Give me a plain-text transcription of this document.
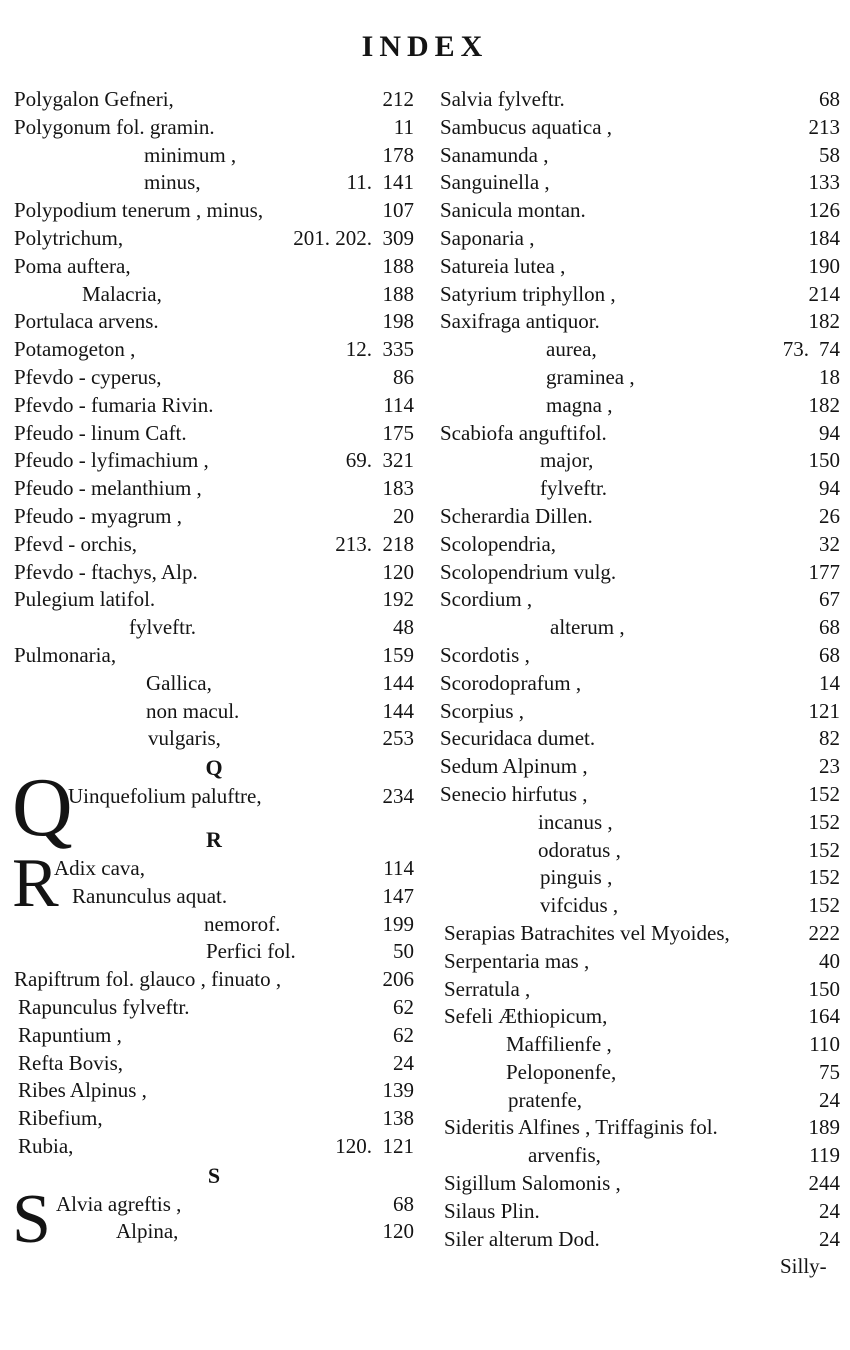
INDEX
Polygalon Gefneri,	212
Polygonum fol. gramin.	11
minimum ,	178
minus,	11. 141
Polypodium tenerum , minus,	107
Polytrichum,	201. 202. 309
Poma auftera,	188
Malacria,	188
Portulaca arvens.	198
Potamogeton ,	12. 335
Pfevdo - cyperus,	86
Pfevdo - fumaria Rivin.	114
Pfeudo - linum Caft.	175
Pfeudo - lyfimachium ,	69. 321
Pfeudo - melanthium ,	183
Pfeudo - myagrum ,	20
Pfevd - orchis,	213. 218
Pfevdo - ftachys, Alp.	120
Pulegium latifol.	192
fylveftr.	48
Pulmonaria,	159
Gallica,	144
non macul.	144
vulgaris,	253
Q
Q
Uinquefolium paluftre,	234
R
R
Adix cava,	114
Ranunculus aquat.	147
nemorof.	199
Perfici fol.	50
Rapiftrum fol. glauco , finuato ,	206
Rapunculus fylveftr.	62
Rapuntium ,	62
Refta Bovis,	24
Ribes Alpinus ,	139
Ribefium,	138
Rubia,	120. 121
S
S Alvia agreftis ,	68
Alpina,	120
Salvia fylveftr.	68
Sambucus aquatica ,	213
Sanamunda ,	58
Sanguinella ,	133
Sanicula montan.	126
Saponaria ,	184
Satureia lutea ,	190
Satyrium triphyllon ,	214
Saxifraga antiquor.	182
aurea,	73. 74
graminea ,	18
magna ,	182
Scabiofa anguftifol.	94
major,	150
fylveftr.	94
Scherardia Dillen.	26
Scolopendria,	32
Scolopendrium vulg.	177
Scordium ,	67
alterum ,	68
Scordotis ,	68
Scorodoprafum ,	14
Scorpius ,	121
Securidaca dumet.	82
Sedum Alpinum ,	23
Senecio hirfutus ,	152
incanus ,	152
odoratus ,	152
pinguis ,	152
vifcidus ,	152
Serapias Batrachites vel Myoides,	222
Serpentaria mas ,	40
Serratula ,	150
Sefeli Æthiopicum,	164
Maffilienfe ,	110
Peloponenfe,	75
pratenfe,	24
Sideritis Alfines , Triffaginis fol.	189
arvenfis,	119
Sigillum Salomonis ,	244
Silaus Plin.	24
Siler alterum Dod.	24
Silly-
